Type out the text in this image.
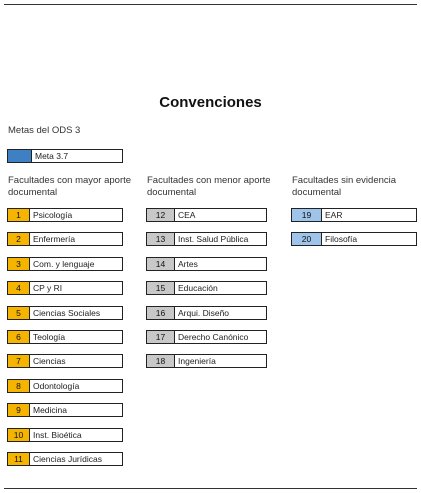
Convenciones
Metas del ODS 3
Meta 3.7
Facultades con mayor aporte documental
Facultades con menor aporte documental
Facultades sin evidencia documental
1	Psicología
2	Enfermería
3	Com. y lenguaje
4	CP y RI
5	Ciencias Sociales
6	Teología
7	Ciencias
8	Odontología
9	Medicina
10	Inst. Bioética
11	Ciencias Jurídicas
12	CEA
13	Inst. Salud Pública
14	Artes
15	Educación
16	Arqui. Diseño
17	Derecho Canónico
18	Ingeniería
19	EAR
20	Filosofía
